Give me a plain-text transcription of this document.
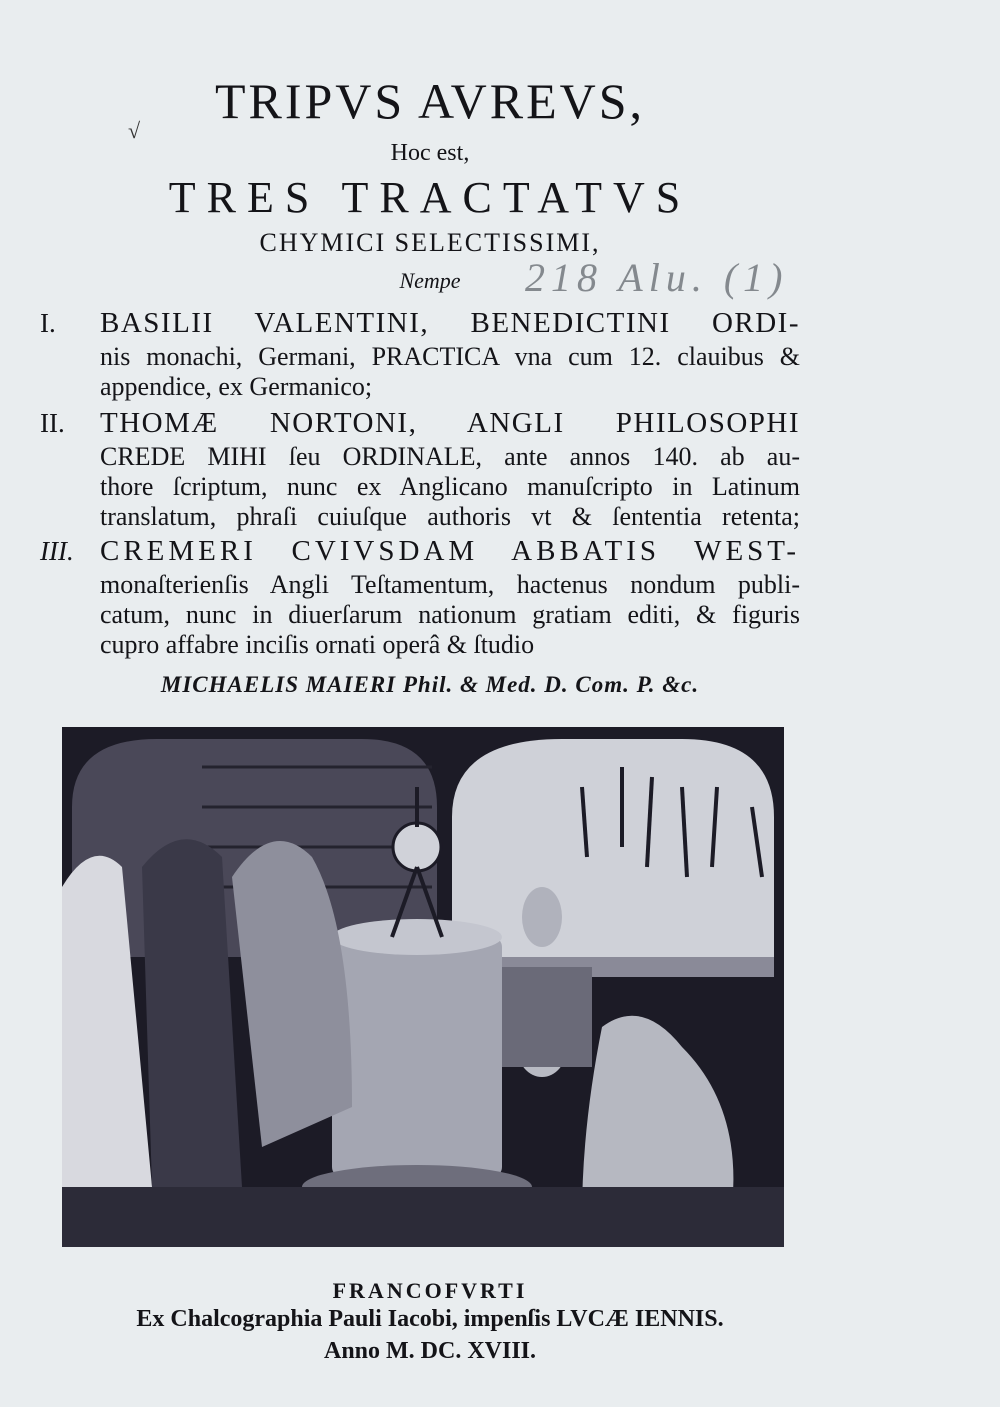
TRIPVS AVREVS,
√
Hoc est,
TRES TRACTATVS
CHYMICI SELECTISSIMI,
Nempe	218 Alu. (1)
I. BASILII VALENTINI, BENEDICTINI ORDI-
nis monachi, Germani, PRACTICA vna cum 12. clauibus &
appendice, ex Germanico;
II. THOMÆ NORTONI, ANGLI PHILOSOPHI
CREDE MIHI ſeu ORDINALE, ante annos 140. ab au-
thore ſcriptum, nunc ex Anglicano manuſcripto in Latinum
translatum, phraſi cuiuſque authoris vt & ſententia retenta;
III. CREMERI CVIVSDAM ABBATIS WEST-
monaſterienſis Angli Teſtamentum, hactenus nondum publi-
catum, nunc in diuerſarum nationum gratiam editi, & figuris
cupro affabre inciſis ornati operâ & ſtudio
MICHAELIS MAIERI Phil. & Med. D. Com. P. &c.
FRANCOFVRTI
Ex Chalcographia Pauli Iacobi, impenſis LVCÆ IENNIS.
Anno M. DC. XVIII.
